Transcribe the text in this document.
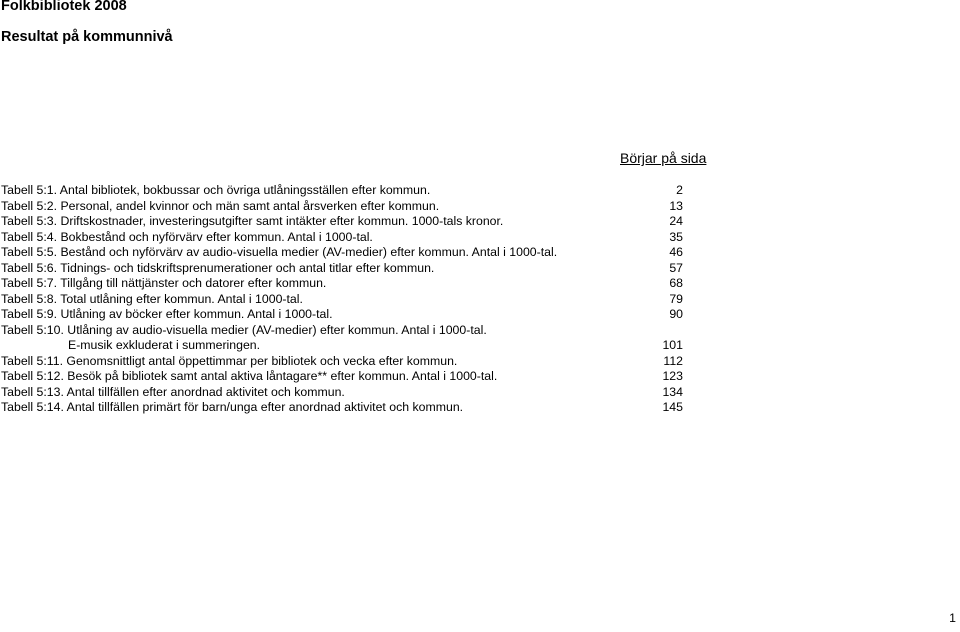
Folkbibliotek 2008
Resultat på kommunnivå
Börjar på sida
Tabell 5:1. Antal bibliotek, bokbussar och övriga utlåningsställen efter kommun.	2
Tabell 5:2. Personal, andel kvinnor och män samt antal årsverken efter kommun.	13
Tabell 5:3. Driftskostnader, investeringsutgifter samt intäkter efter kommun. 1000-tals kronor.	24
Tabell 5:4. Bokbestånd och nyförvärv efter kommun. Antal i 1000-tal.	35
Tabell 5:5. Bestånd och nyförvärv av audio-visuella medier (AV-medier) efter kommun. Antal i 1000-tal.	46
Tabell 5:6. Tidnings- och tidskriftsprenumerationer och antal titlar efter kommun.	57
Tabell 5:7. Tillgång till nättjänster och datorer efter kommun.	68
Tabell 5:8. Total utlåning efter kommun. Antal i 1000-tal.	79
Tabell 5:9. Utlåning av böcker efter kommun. Antal i 1000-tal.	90
Tabell 5:10. Utlåning av audio-visuella medier (AV-medier) efter kommun. Antal i 1000-tal.
E-musik exkluderat i summeringen.	101
Tabell 5:11. Genomsnittligt antal öppettimmar per bibliotek och vecka efter kommun.	112
Tabell 5:12. Besök på bibliotek samt antal aktiva låntagare** efter kommun. Antal i 1000-tal.	123
Tabell 5:13. Antal tillfällen efter anordnad aktivitet och kommun.	134
Tabell 5:14. Antal tillfällen primärt för barn/unga efter anordnad aktivitet och kommun.	145
1
